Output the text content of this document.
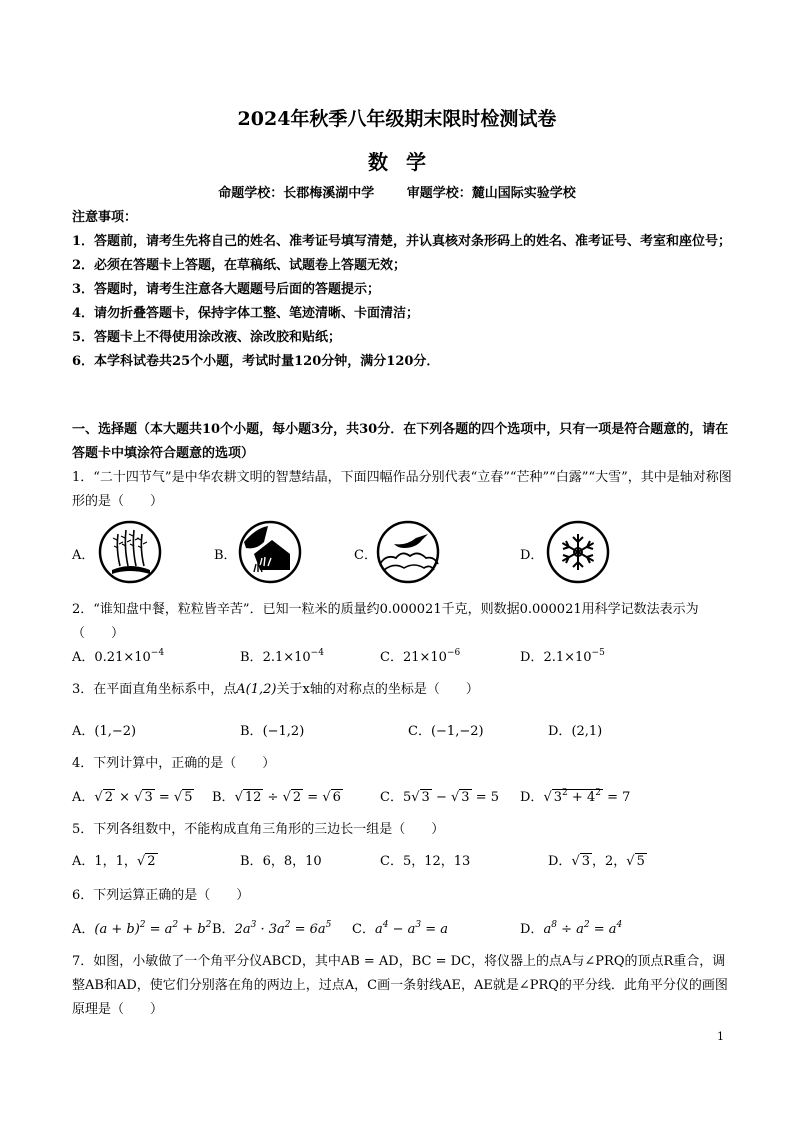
2024年秋季八年级期末限时检测试卷
数学
命题学校：长郡梅溪湖中学	审题学校：麓山国际实验学校
注意事项：
1．答题前，请考生先将自己的姓名、准考证号填写清楚，并认真核对条形码上的姓名、准考证号、考室和座位号；
2．必须在答题卡上答题，在草稿纸、试题卷上答题无效；
3．答题时，请考生注意各大题题号后面的答题提示；
4．请勿折叠答题卡，保持字体工整、笔迹清晰、卡面清洁；
5．答题卡上不得使用涂改液、涂改胶和贴纸；
6．本学科试卷共25个小题，考试时量120分钟，满分120分．
一、选择题（本大题共10个小题，每小题3分，共30分．在下列各题的四个选项中，只有一项是符合题意的，请在答题卡中填涂符合题意的选项）
1．“二十四节气”是中华农耕文明的智慧结晶，下面四幅作品分别代表“立春”“芒种”“白露”“大雪”，其中是轴对称图形的是（　　）
A．	B．	C．	D．
2．“谁知盘中餐，粒粒皆辛苦”．已知一粒米的质量约0.000021千克，则数据0.000021用科学记数法表示为（　　）
A．$0.21\times 10^{-4}$	B．$2.1\times 10^{-4}$	C．$21\times 10^{-6}$	D．$2.1\times 10^{-5}$
3．在平面直角坐标系中，点A(1,2)关于x轴的对称点的坐标是（　　）
A．(1,−2)	B．(−1,2)	C．(−1,−2)	D．(2,1)
4．下列计算中，正确的是（　　）
A．√ 2 × √ 3 = √ 5 B．√ 12 ÷ √ 2 = √ 6	C．5√ 3 − √ 3 = 5 D．√ $3^2 + 4^2 = 7$
5．下列各组数中，不能构成直角三角形的三边长一组是（　　）
A．1，1，√ 2	B．6，8，10	C．5，12，13	D．√ 3 ，2，√ 5
6．下列运算正确的是（　　）
A．$(a + b)^2 = a^2 + b^2$ B．$2a^3 \cdot 3a^2 = 6a^5$ C．$a^4 - a^3 = a$	D．$a^8 \div a^2 = a^4$
7．如图，小敏做了一个角平分仪ABCD，其中AB = AD，BC = DC，将仪器上的点A与∠PRQ的顶点R重合，调整AB和AD，使它们分别落在角的两边上，过点A，C画一条射线AE，AE就是∠PRQ的平分线．此角平分仪的画图原理是（　　）
1
